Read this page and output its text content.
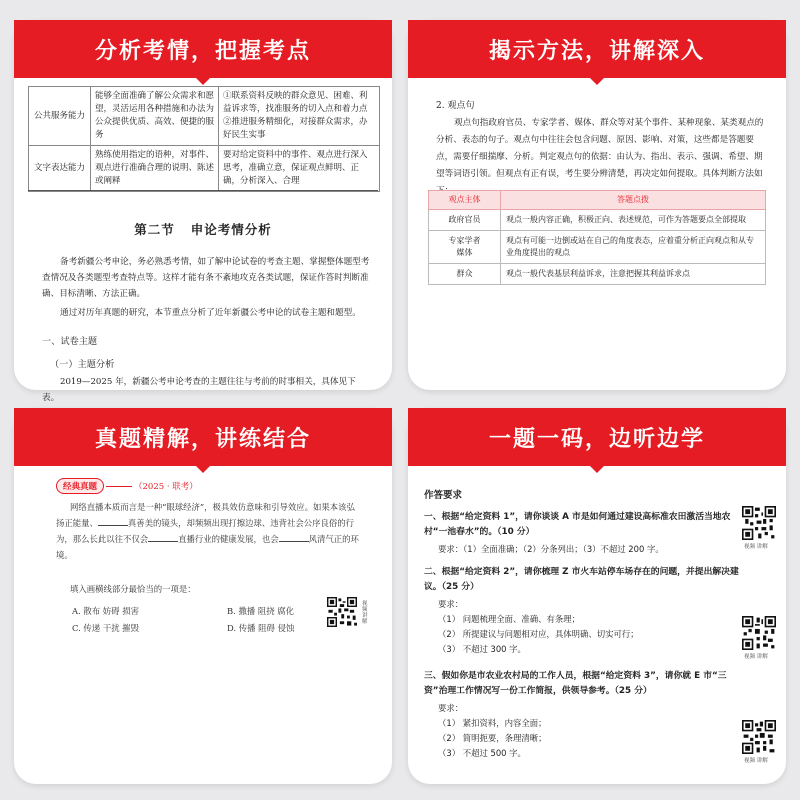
分析考情，把握考点
公共服务能力	能够全面准确了解公众需求和愿望，灵活运用各种措施和办法为公众提供优质、高效、便捷的服务	①联系资料反映的群众意见、困难、利益诉求等，找准服务的切入点和着力点
②推进服务精细化，对接群众需求，办好民生实事
文字表达能力	熟练使用指定的语种，对事件、观点进行准确合理的说明、陈述或阐释	要对给定资料中的事件、观点进行深入思考，准确立意，保证观点鲜明、正确，分析深入、合理
第二节   申论考情分析
备考新疆公考申论，务必熟悉考情，如了解申论试卷的考查主题、掌握整体题型考查情况及各类题型考查特点等。这样才能有条不紊地攻克各类试题，保证作答时判断准确、目标清晰、方法正确。
通过对历年真题的研究，本节重点分析了近年新疆公考申论的试卷主题和题型。
一、试卷主题
（一）主题分析
2019—2025 年，新疆公考申论考查的主题往往与考前的时事相关，具体见下表。
揭示方法，讲解深入
2. 观点句
观点句指政府官员、专家学者、媒体、群众等对某个事件、某种现象、某类观点的分析、表态的句子。观点句中往往会包含问题、原因、影响、对策，这些都是答题要点，需要仔细揣摩、分析。判定观点句的依据：由认为、指出、表示、强调、希望、期望等词语引领。但观点有正有误，考生要分辨清楚，再决定如何提取。具体判断方法如
观点主体	答题点拨
政府官员	观点一般内容正确，积极正向、表述规范，可作为答题要点全部提取
专家学者
媒体	观点有可能一边倒或站在自己的角度表态，应着重分析正向观点和从专业角度提出的观点
群众	观点一般代表基层利益诉求，注意把握其利益诉求点
真题精解，讲练结合
经典真题	（2025 · 联考）
网络直播本质而言是一种“眼球经济”，极具效仿意味和引导效应。如果本该弘扬正能量、	真善美的镜头，却频频出现打擦边球、违背社会公序良俗的行为，那么长此以往不仅会	直播行业的健康发展，也会	风清气正的环境。
填入画横线部分最恰当的一项是：
A. 散布 妨碍 损害	B. 撒播 阻挠 腐化
C. 传递 干扰 摧毁	D. 传播 阻碍 侵蚀
视频讲解
一题一码，边听边学
作答要求
一、根据“给定资料 1”，请你谈谈 A 市是如何通过建设高标准农田激活当地农村“一池春水”的。（10 分）
要求：（1）全面准确；（2）分条列出；（3）不超过 200 字。
二、根据“给定资料 2”，请你梳理 Z 市火车站停车场存在的问题，并提出解决建议。（25 分）
要求：
（1） 问题梳理全面、准确、有条理；
（2） 所提建议与问题相对应，具体明确、切实可行；
（3） 不超过 300 字。
三、假如你是市农业农村局的工作人员，根据“给定资料 3”，请你就 E 市“三资”治理工作情况写一份工作简报，供领导参考。（25 分）
要求：
（1） 紧扣资料，内容全面；
（2） 简明扼要，条理清晰；
（3） 不超过 500 字。
视频 讲解
视频 讲解
视频 讲解
